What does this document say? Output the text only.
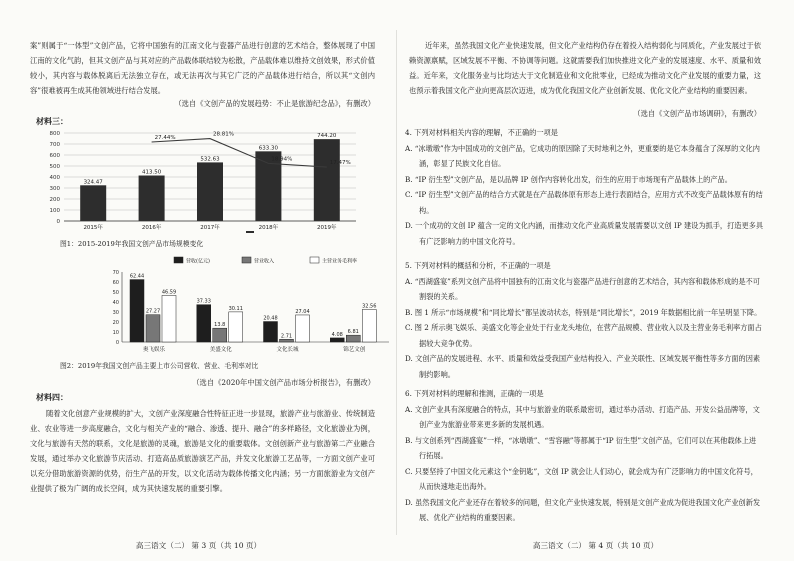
案”则属于“一体型”文创产品，它将中国独有的江南文化与瓷器产品进行创意的艺术结合，整体展现了中国江南的文化气韵，但其文创产品与其对应的产品载体联结较为松散，产品载体难以维持文创效果，形式价值较小，其内容与载体脱离后无法独立存在，或无法再次与其它广泛的产品载体进行结合，所以其“文创内容”很难被再生成其他领域进行结合发展。

（选自《文创产品的发展趋势：不止是旅游纪念品》，有删改）
材料三：
0
100
200
300
400
500
600
700
800
324.47
2015年
413.50
2016年
532.63
2017年
633.30
2018年
744.20
2019年
27.44%
28.81%
18.94%
17.47%
图1：2015-2019年我国文创产品市场规模变化
0
10
20
30
40
50
60
70
营收(亿元)	营业收入	主营业务毛利率
62.44
27.27
46.59
奥飞娱乐
37.33
13.8
30.11
美盛文化
20.48
2.71
27.04
文化长城
4.08 6.81
32.56
锦艺文创
图2：2019年我国文创产品主要上市公司营收、营业、毛利率对比
（选自《2020年中国文创产品市场分析报告》，有删改）
材料四：

随着文化创意产业规模的扩大，文创产业深度融合性特征正进一步显现，旅游产业与旅游业、传统制造业、农业等进一步高度融合，文化与相关产业的“融合、渗透、提升、融合”的多样路径，文化旅游业为例，文化与旅游有天然的联系，文化是旅游的灵魂，旅游是文化的重要载体。文创创新产业与旅游第二产业融合发展，通过举办文化旅游节庆活动、打造高品质旅游演艺产品，并发文化旅游工艺品等，一方面文创产业可以充分借助旅游资源的优势，衍生产品的开发，以文化活动为载体传播文化内涵；另一方面旅游业为文创产业提供了极为广阔的成长空间，成为其快速发展的重要引擎。

高三语文（二） 第 3 页（共 10 页）

近年来，虽然我国文化产业快速发展，但文化产业结构仍存在着投入结构弱化与同质化，产业发展过于依赖资源禀赋，区域发展不平衡、不协调等问题。这就需要我们加快推进文化产业的发展速度、水平、质量和效益。近年来，文化服务业与比均达大于文化制造业和文化批零业，已经成为推动文化产业发展的重要力量，这也预示着我国文化产业向更高层次迈进，成为优化我国文化产业创新发展、优化文化产业结构的重要因素。

（选自《文创产品市场调研》，有删改）
4. 下列对材料相关内容的理解，不正确的一项是
A. “冰墩墩”作为中国成功的文创产品，它成功的原因除了天时地利之外，更重要的是它本身蕴含了深厚的文化内涵，彰显了民族文化自信。
B. “IP 衍生型”文创产品，是以品牌 IP 创作内容转化出发，衍生的应用于市场现有产品载体上的产品。
C. “IP 衍生型”文创产品的结合方式就是在产品载体原有形态上进行表面结合，应用方式不改变产品载体原有的结构。
D. 一个成功的文创 IP 蕴含一定的文化内涵，而推动文化产业高质量发展需要以文创 IP 建设为抓手，打造更多具有广泛影响力的中国文化符号。
5. 下列对材料的概括和分析，不正确的一项是
A. “西湖盛宴”系列文创产品将中国独有的江南文化与瓷器产品进行创意的艺术结合，其内容和载体形成的是不可割裂的关系。
B. 图 1 所示“市场规模”和“同比增长”都呈波动状态，特别是“同比增长”，2019 年数据相比前一年呈明显下降。
C. 图 2 所示奥飞娱乐、美盛文化等企业处于行业龙头地位，在营产品规模、营业收入以及主营业务毛利率方面占据较大竞争优势。
D. 文创产品的发展进程、水平、质量和效益受我国产业结构投入、产业关联性、区域发展平衡性等多方面的因素制约影响。
6. 下列对材料的理解和推测，正确的一项是
A. 文创产业具有深度融合的特点，其中与旅游业的联系最密切，通过举办活动、打造产品、开发公益品牌等，文创产业为旅游业带来更多新的发展机遇。
B. 与文创系列“西湖盛宴”一样，“冰墩墩”、“雪容融”等都属于“IP 衍生型”文创产品，它们可以在其他载体上进行拓展。
C. 只要坚持了中国文化元素这个“金钥匙”，文创 IP 就会让人们动心，就会成为有广泛影响力的中国文化符号，从而快速地走出海外。
D. 虽然我国文化产业还存在着较多的问题，但文化产业快速发展，特别是文创产业成为促进我国文化产业创新发展、优化产业结构的重要因素。
高三语文（二） 第 4 页（共 10 页）
